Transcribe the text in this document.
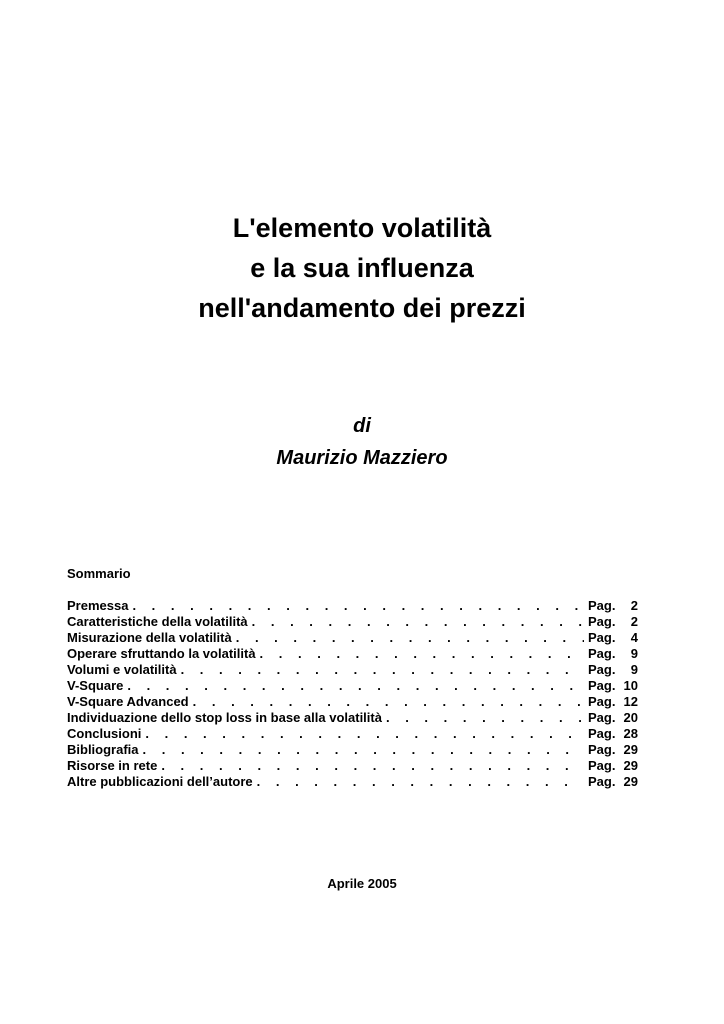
L'elemento volatilità
e la sua influenza
nell'andamento dei prezzi
di
Maurizio Mazziero
Sommario
Premessa . . .	Pag.	2
Caratteristiche della volatilità . . .	Pag.	2
Misurazione della volatilità . . .	Pag.	4
Operare sfruttando la volatilità . . .	Pag.	9
Volumi e volatilità . . .	Pag.	9
V-Square . . .	Pag. 10
V-Square Advanced . . .	Pag. 12
Individuazione dello stop loss in base alla volatilità . . .	Pag. 20
Conclusioni . . .	Pag. 28
Bibliografia . . .	Pag. 29
Risorse in rete . . .	Pag. 29
Altre pubblicazioni dell’autore . . .	Pag. 29
Aprile 2005
